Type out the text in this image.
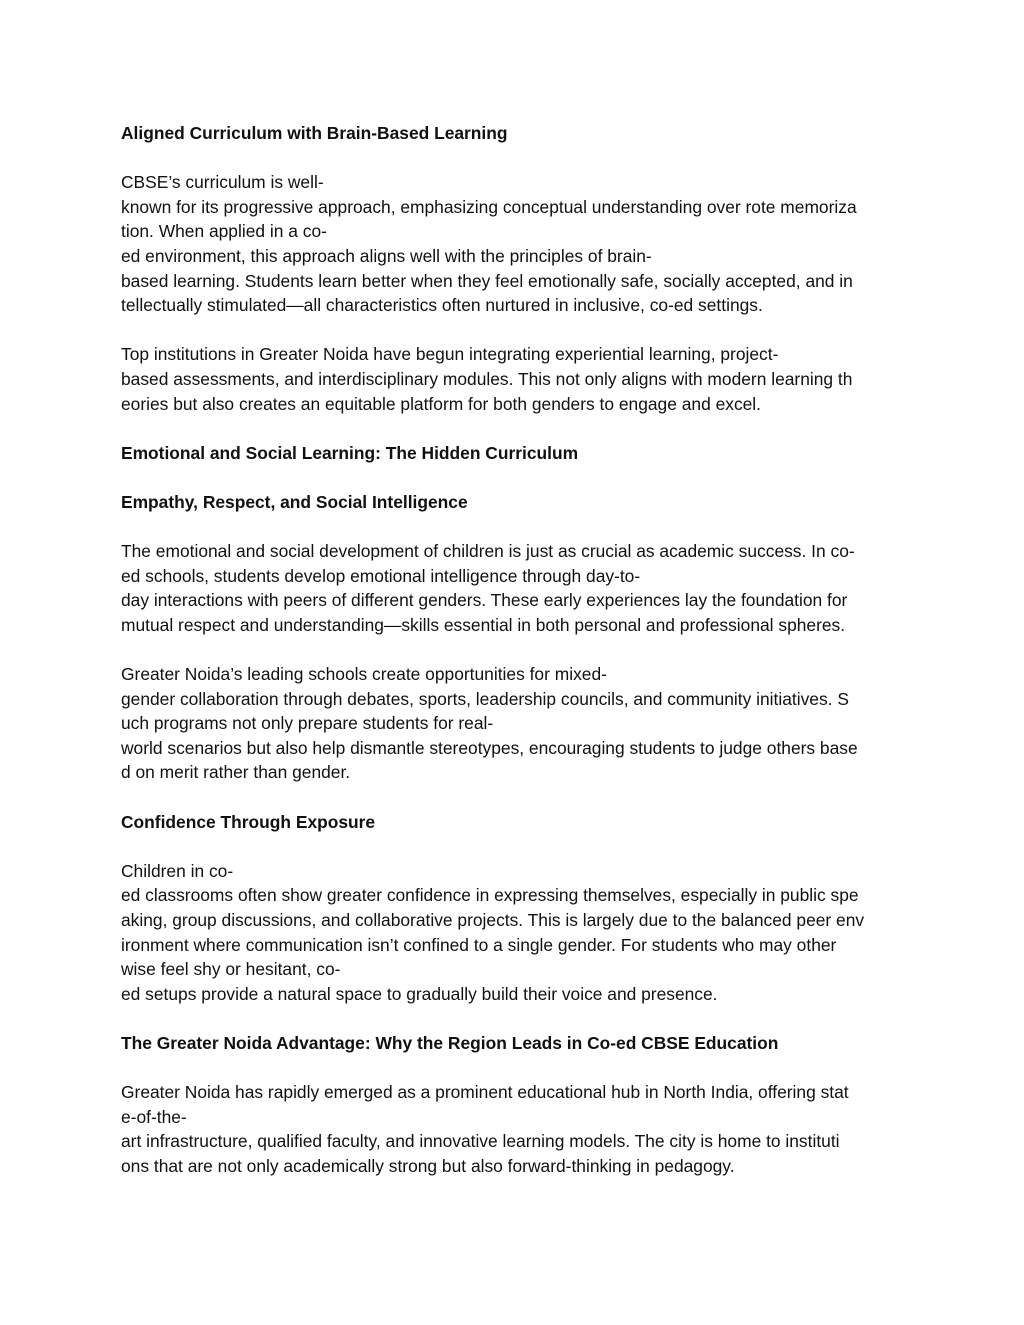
Aligned Curriculum with Brain-Based Learning
CBSE’s curriculum is well-
known for its progressive approach, emphasizing conceptual understanding over rote memoriza
tion. When applied in a co-
ed environment, this approach aligns well with the principles of brain-
based learning. Students learn better when they feel emotionally safe, socially accepted, and in
tellectually stimulated—all characteristics often nurtured in inclusive, co-ed settings.
Top institutions in Greater Noida have begun integrating experiential learning, project-
based assessments, and interdisciplinary modules. This not only aligns with modern learning th
eories but also creates an equitable platform for both genders to engage and excel.
Emotional and Social Learning: The Hidden Curriculum
Empathy, Respect, and Social Intelligence
The emotional and social development of children is just as crucial as academic success. In co-
ed schools, students develop emotional intelligence through day-to-
day interactions with peers of different genders. These early experiences lay the foundation for
mutual respect and understanding—skills essential in both personal and professional spheres.
Greater Noida’s leading schools create opportunities for mixed-
gender collaboration through debates, sports, leadership councils, and community initiatives. S
uch programs not only prepare students for real-
world scenarios but also help dismantle stereotypes, encouraging students to judge others base
d on merit rather than gender.
Confidence Through Exposure
Children in co-
ed classrooms often show greater confidence in expressing themselves, especially in public spe
aking, group discussions, and collaborative projects. This is largely due to the balanced peer env
ironment where communication isn’t confined to a single gender. For students who may other
wise feel shy or hesitant, co-
ed setups provide a natural space to gradually build their voice and presence.
The Greater Noida Advantage: Why the Region Leads in Co-ed CBSE Education
Greater Noida has rapidly emerged as a prominent educational hub in North India, offering stat
e-of-the-
art infrastructure, qualified faculty, and innovative learning models. The city is home to instituti
ons that are not only academically strong but also forward-thinking in pedagogy.
